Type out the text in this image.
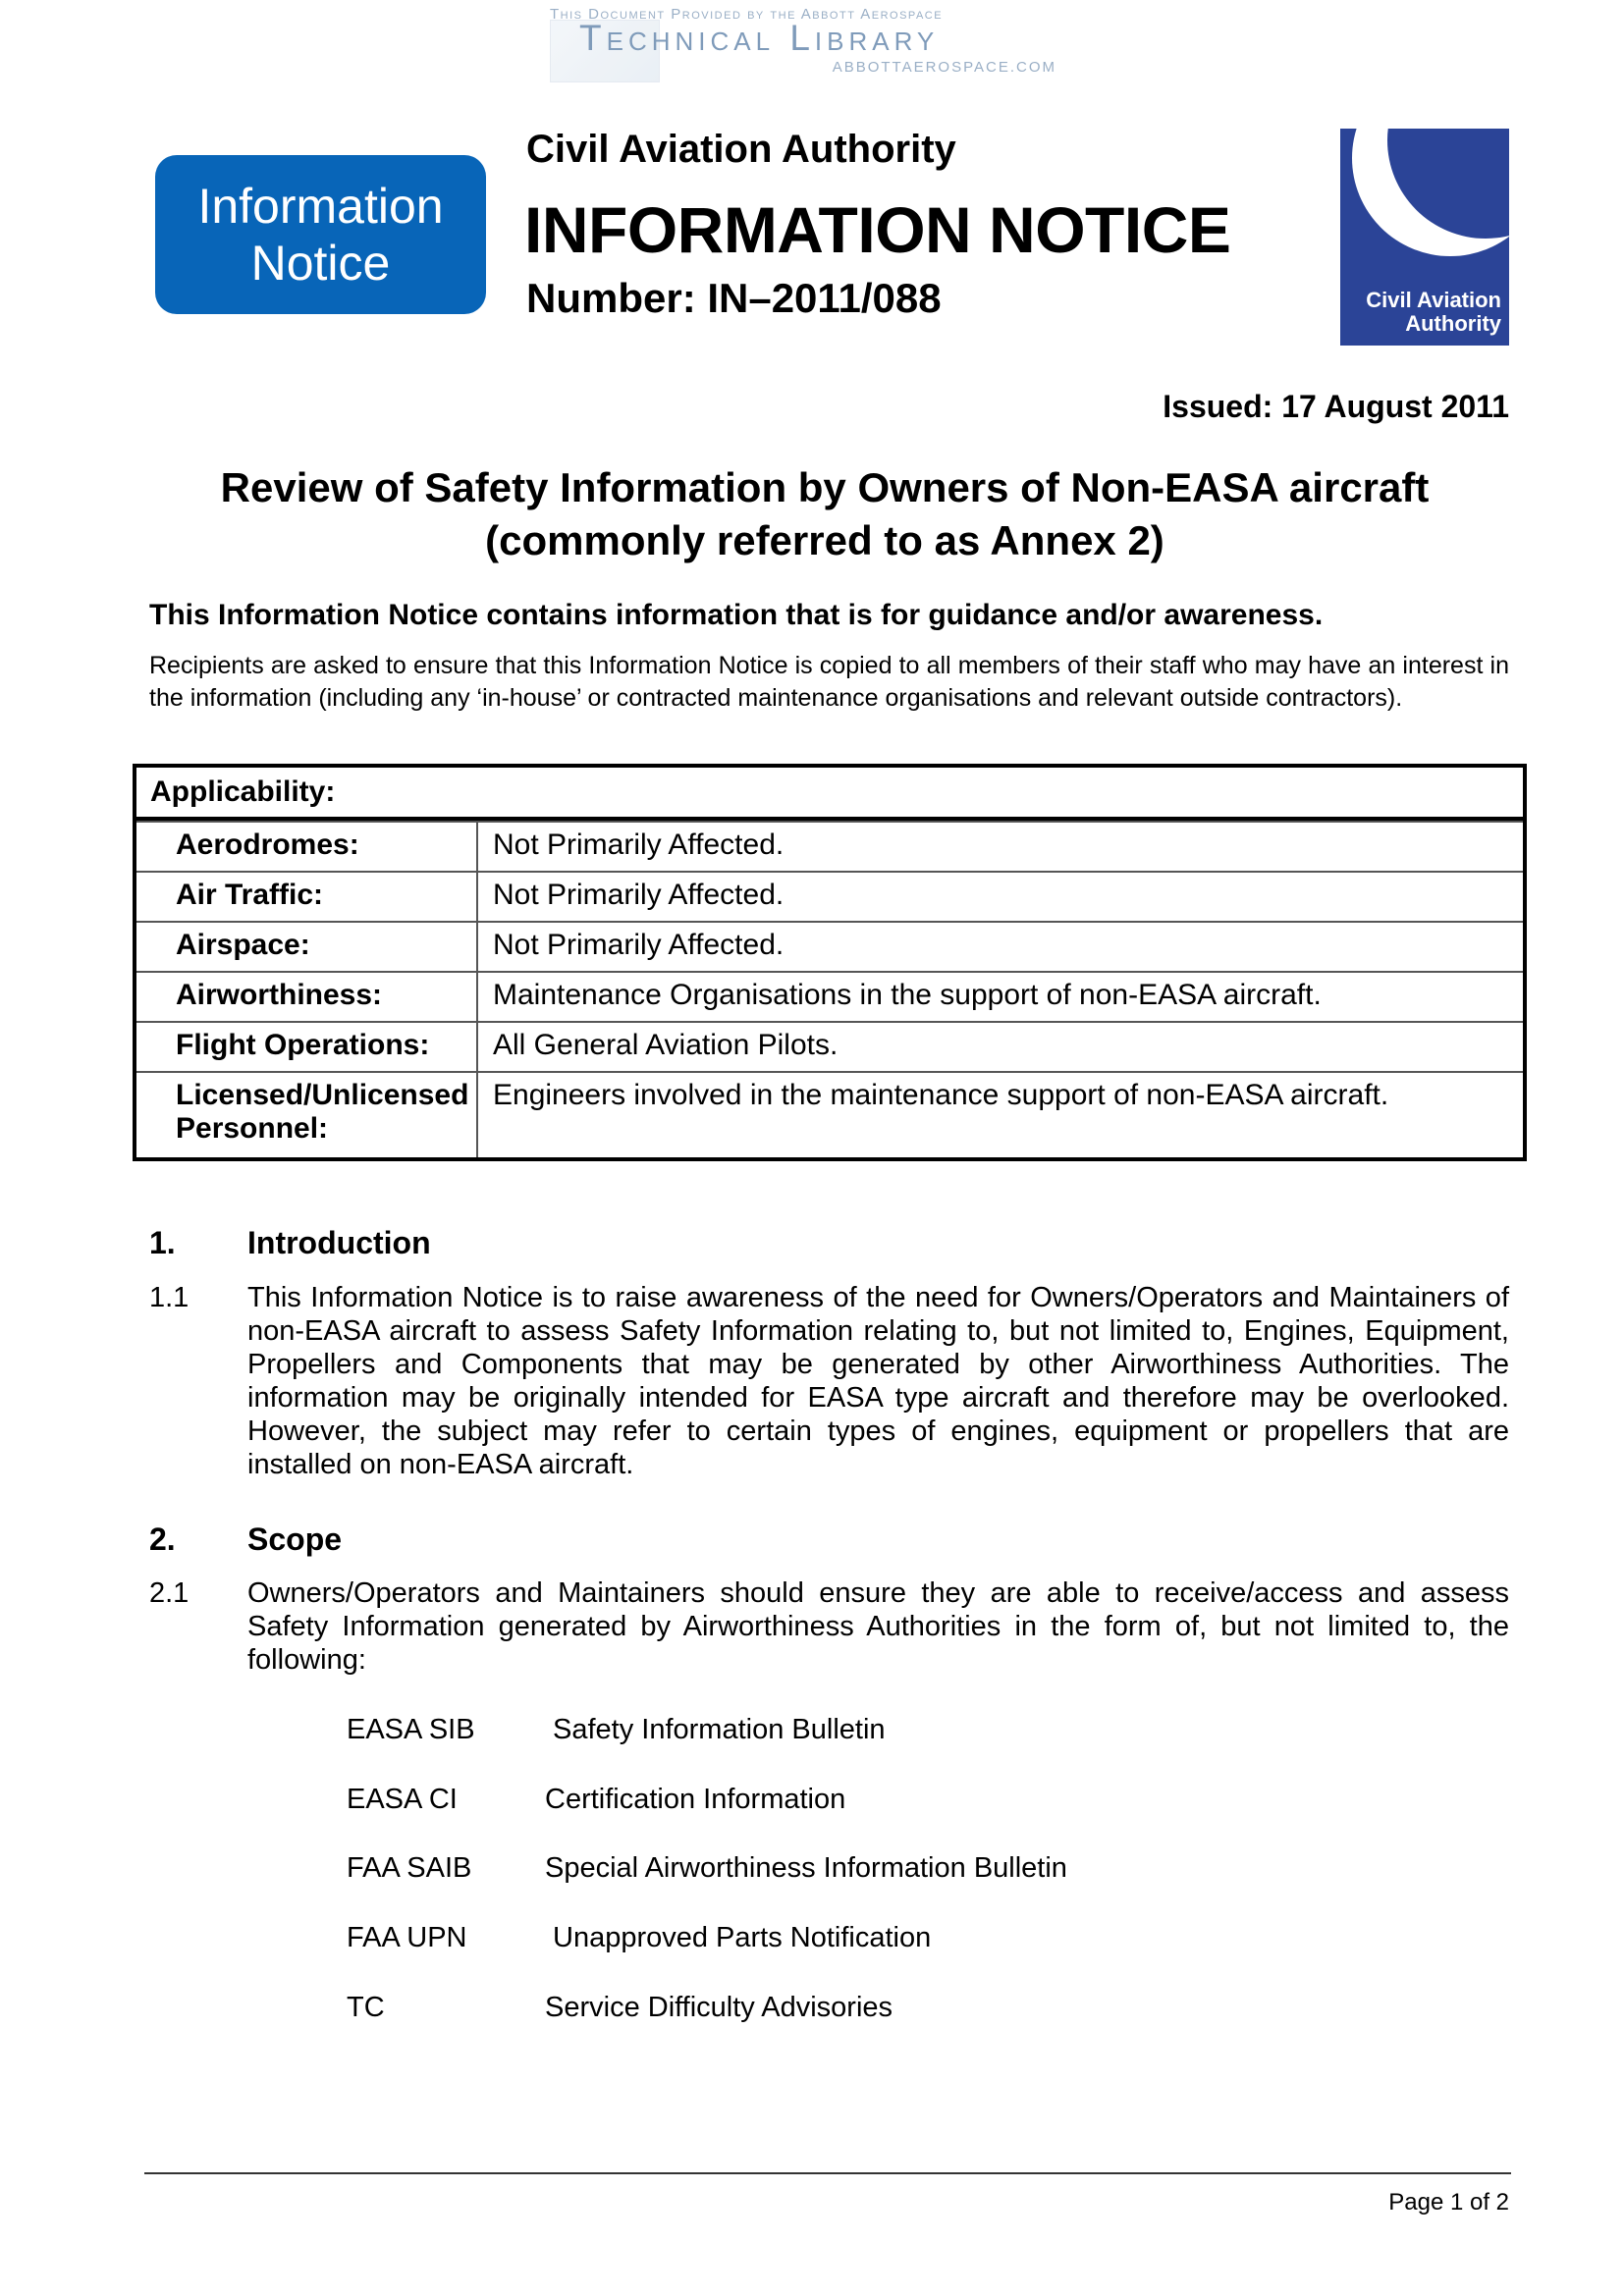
This Document Provided by the Abbott Aerospace
Technical Library
ABBOTTAEROSPACE.COM
Information
Notice
Civil Aviation Authority
INFORMATION NOTICE
Number: IN–2011/088	Civil Aviation
Authority
Issued: 17 August 2011
Review of Safety Information by Owners of Non-EASA aircraft
(commonly referred to as Annex 2)
This Information Notice contains information that is for guidance and/or awareness.
Recipients are asked to ensure that this Information Notice is copied to all members of their staff who may have an interest in the information (including any ‘in-house’ or contracted maintenance organisations and relevant outside contractors).
Applicability:
Aerodromes:	Not Primarily Affected.
Air Traffic:	Not Primarily Affected.
Airspace:	Not Primarily Affected.
Airworthiness:	Maintenance Organisations in the support of non-EASA aircraft.
Flight Operations:	All General Aviation Pilots.
Licensed/Unlicensed Personnel:
Engineers involved in the maintenance support of non-EASA aircraft.
1. Introduction
1.1 This Information Notice is to raise awareness of the need for Owners/Operators and Maintainers of non-EASA aircraft to assess Safety Information relating to, but not limited to, Engines, Equipment, Propellers and Components that may be generated by other Airworthiness Authorities. The information may be originally intended for EASA type aircraft and therefore may be overlooked. However, the subject may refer to certain types of engines, equipment or propellers that are installed on non-EASA aircraft.
2. Scope
2.1 Owners/Operators and Maintainers should ensure they are able to receive/access and assess Safety Information generated by Airworthiness Authorities in the form of, but not limited to, the following:
EASA SIB	Safety Information Bulletin
EASA CI	Certification Information
FAA SAIB	Special Airworthiness Information Bulletin
FAA UPN	Unapproved Parts Notification
TC	Service Difficulty Advisories
Page 1 of 2
